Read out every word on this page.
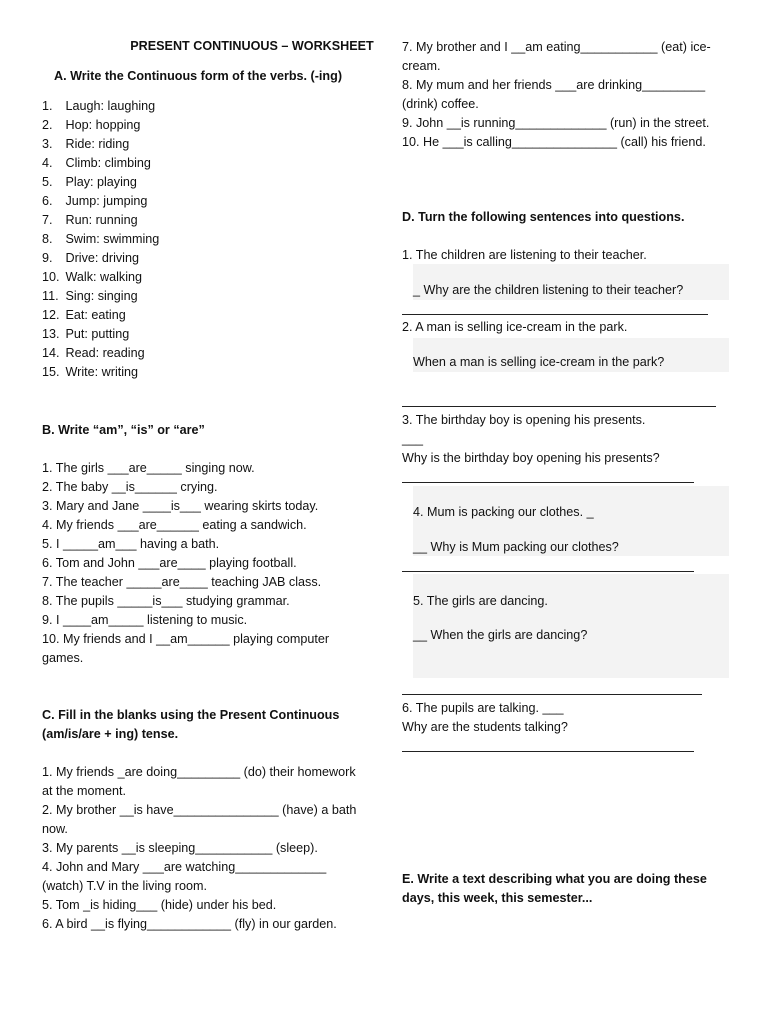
PRESENT CONTINUOUS – WORKSHEET
A. Write the Continuous form of the verbs. (-ing)
1. Laugh: laughing
2. Hop: hopping
3. Ride: riding
4. Climb: climbing
5. Play: playing
6. Jump: jumping
7. Run: running
8. Swim: swimming
9. Drive: driving
10. Walk: walking
11. Sing: singing
12. Eat: eating
13. Put: putting
14. Read: reading
15. Write: writing

B. Write “am”, “is” or “are”

1. The girls ___are_____ singing now.

2. The baby __is______ crying.

3. Mary and Jane ____is___ wearing skirts today.

4. My friends ___are______ eating a sandwich.

5. I _____am___ having a bath.

6. Tom and John ___are____ playing football.

7. The teacher _____are____ teaching JAB class.

8. The pupils _____is___ studying grammar.

9. I ____am_____ listening to music.

10. My friends and I __am______ playing computer games.

C. Fill in the blanks using the Present Continuous (am/is/are + ing) tense.

1. My friends _are doing_________ (do) their homework at the moment.

2. My brother __is have_______________ (have) a bath now.

3. My parents __is sleeping___________ (sleep).

4. John and Mary ___are watching_____________ (watch) T.V in the living room.

5. Tom _is hiding___ (hide) under his bed.

6. A bird __is flying____________ (fly) in our garden.

7. My brother and I __am eating___________ (eat) ice-cream.

8. My mum and her friends ___are drinking_________ (drink) coffee.

9. John __is running_____________ (run) in the street.

10. He ___is calling_______________ (call) his friend.

D. Turn the following sentences into questions.

1. The children are listening to their teacher.

_ Why are the children listening to their teacher?

2. A man is selling ice-cream in the park.

When a man is selling ice-cream in the park?

3. The birthday boy is opening his presents.

___

Why is the birthday boy opening his presents?

4. Mum is packing our clothes. _

__ Why is Mum packing our clothes?

5. The girls are dancing.

__ When the girls are dancing?

6. The pupils are talking. ___

Why are the students talking?

E. Write a text describing what you are doing these days, this week, this semester...
